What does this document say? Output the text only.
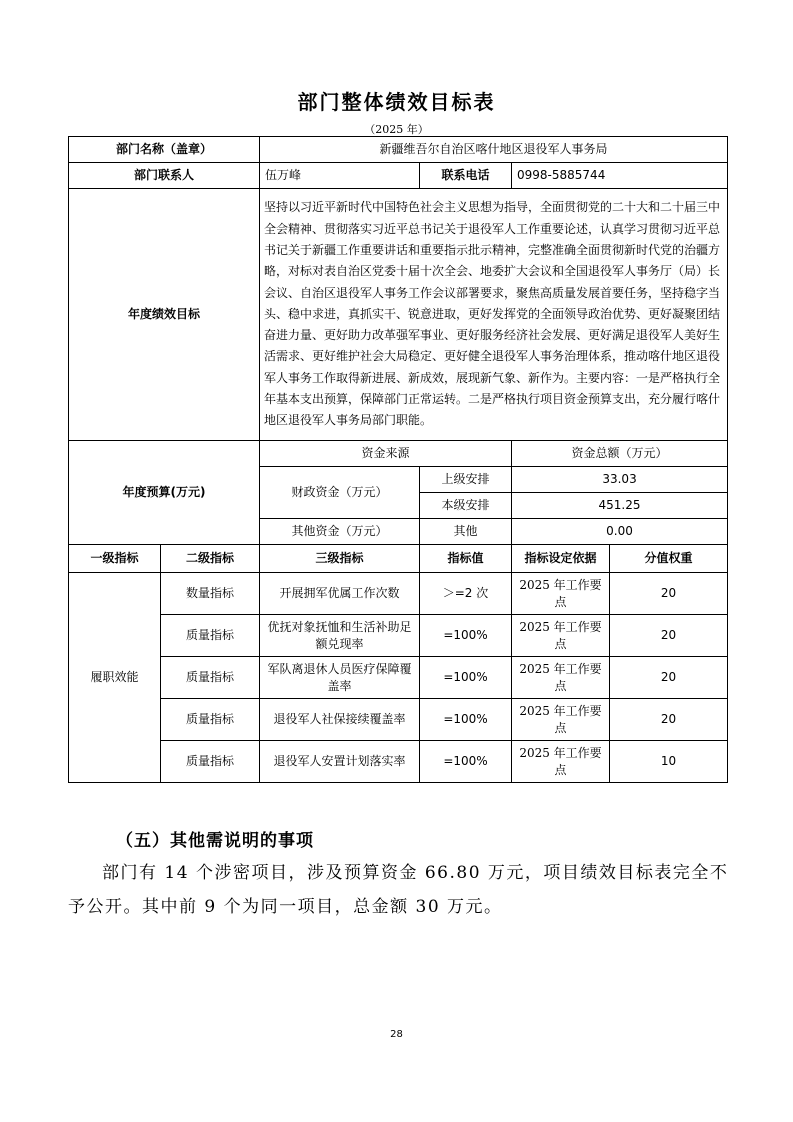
部门整体绩效目标表
（2025 年）
部门名称（盖章）		新疆维吾尔自治区喀什地区退役军人事务局			
部门联系人		伍万峰	联系电话	0998-5885744	
年度绩效目标		坚持以习近平新时代中国特色社会主义思想为指导，全面贯彻党的二十大和二十届三中全会精神、贯彻落实习近平总书记关于退役军人工作重要论述，认真学习贯彻习近平总书记关于新疆工作重要讲话和重要指示批示精神，完整准确全面贯彻新时代党的治疆方略，对标对表自治区党委十届十次全会、地委扩大会议和全国退役军人事务厅（局）长会议、自治区退役军人事务工作会议部署要求，聚焦高质量发展首要任务，坚持稳字当头、稳中求进，真抓实干、锐意进取，更好发挥党的全面领导政治优势、更好凝聚团结奋进力量、更好助力改革强军事业、更好服务经济社会发展、更好满足退役军人美好生活需求、更好维护社会大局稳定、更好健全退役军人事务治理体系，推动喀什地区退役军人事务工作取得新进展、新成效，展现新气象、新作为。主要内容：一是严格执行全年基本支出预算，保障部门正常运转。二是严格执行项目资金预算支出，充分履行喀什地区退役军人事务局部门职能。			
年度预算(万元)		资金来源		资金总额（万元）	
		财政资金（万元）	上级安排	33.03	
			本级安排	451.25	
		其他资金（万元）	其他	0.00	
一级指标	二级指标	三级指标	指标值	指标设定依据	分值权重
履职效能	数量指标	开展拥军优属工作次数	＞=2 次	2025 年工作要点	20
	质量指标	优抚对象抚恤和生活补助足额兑现率	=100%	2025 年工作要点	20
	质量指标	军队离退休人员医疗保障覆盖率	=100%	2025 年工作要点	20
	质量指标	退役军人社保接续覆盖率	=100%	2025 年工作要点	20
	质量指标	退役军人安置计划落实率	=100%	2025 年工作要点	10
（五）其他需说明的事项
部门有 14 个涉密项目，涉及预算资金 66.80 万元，项目绩效目标表完全不予公开。其中前 9 个为同一项目，总金额 30 万元。
28
